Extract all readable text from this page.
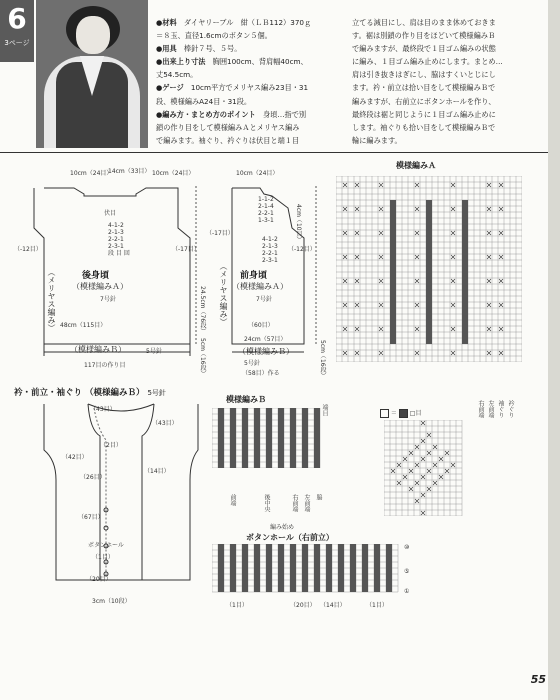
6
3ページ
●材料　 ダイヤリーブル　紺（ＬＢ112）370ｇ
＝８玉、直径1.6cmのボタン５個。
●用具　 棒針７号、５号。
●出来上り寸法　 胸囲100cm、背肩幅40cm、
丈54.5cm。
●ゲージ　 10cm平方でメリヤス編み23目・31
段、模様編みA24目・31段。
●編み方・まとめ方のポイント　 身頃…指で別
鎖の作り目をして模様編みＡとメリヤス編み
で編みます。袖ぐり、衿ぐりは伏目と端１目
立てる減目にし、肩は目のまま休めておきま
す。裾は別鎖の作り目をほどいて模様編みＢ
で編みますが、最終段で１目ゴム編みの状態
に編み、１目ゴム編み止めにします。まとめ…
肩は引き抜きはぎにし、脇はすくいとじにし
ます。衿・前立は拾い目をして模様編みＢで
編みますが、右前立にボタンホールを作り、
最終段は裾と同じように１目ゴム編み止めに
します。袖ぐりも拾い目をして模様編みＢで
輪に編みます。
10cm（24目）
14cm（33目） 10cm（24目）
伏目
4-1-2
2-1-3
2-2-1
2-3-1
段 目 回
（-12目）	（-17目）
後身頃
（模様編みＡ）
7号針
（メリヤス編み） 48cm（115目）
（模様編みＢ）	5号針
117目の作り目
24.5cm（76段）
5cm（16段）
10cm（24目）
4cm（10目）
1-1-2
2-1-4
2-2-1
1-3-1
4-1-2
2-1-3
2-2-1
2-3-1
（-12目）
前身頃
（模様編みＡ）
7号針
（メリヤス編み）	（60目）
24cm（57目）
（模様編みＢ）
5号針
（58目）作る
（-17目）
5cm（16段）
衿・前立・袖ぐり （模様編みＢ） 5号針
（43目）
（43目）
（2目）
（42目）
（26目）
（67目）
（14目）
（1目）
（20目）
ボタンホール
3cm（10段）
模様編みＡ
模様編みＢ
端目
前端	後中央	右前端 左前端 脇
編み始め
ボタンホール（右前立）
⑩
⑤
①
（20目）
（1目）	（14目）	（1目）
＝ □目	右前端 左前端 袖ぐり 衿ぐり
55
